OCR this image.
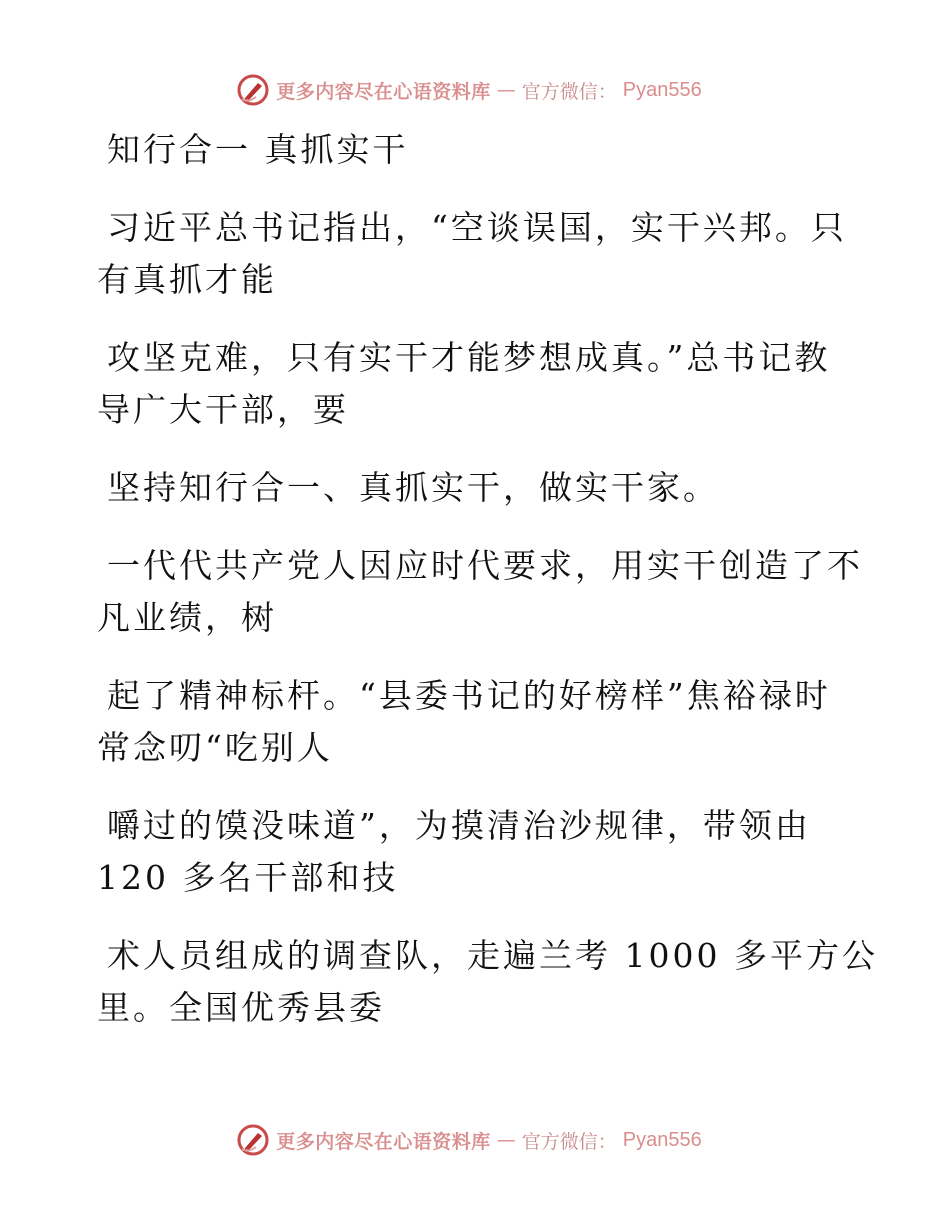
更多内容尽在心语资料库 — 官方微信： Pyan556
知行合一 真抓实干
习近平总书记指出，“空谈误国，实干兴邦。只
有真抓才能
攻坚克难，只有实干才能梦想成真。”总书记教
导广大干部，要
坚持知行合一、真抓实干，做实干家。
一代代共产党人因应时代要求，用实干创造了不
凡业绩，树
起了精神标杆。“县委书记的好榜样”焦裕禄时
常念叨“吃别人
嚼过的馍没味道”，为摸清治沙规律，带领由
120 多名干部和技
术人员组成的调查队，走遍兰考 1000 多平方公
里。全国优秀县委
更多内容尽在心语资料库 — 官方微信： Pyan556
